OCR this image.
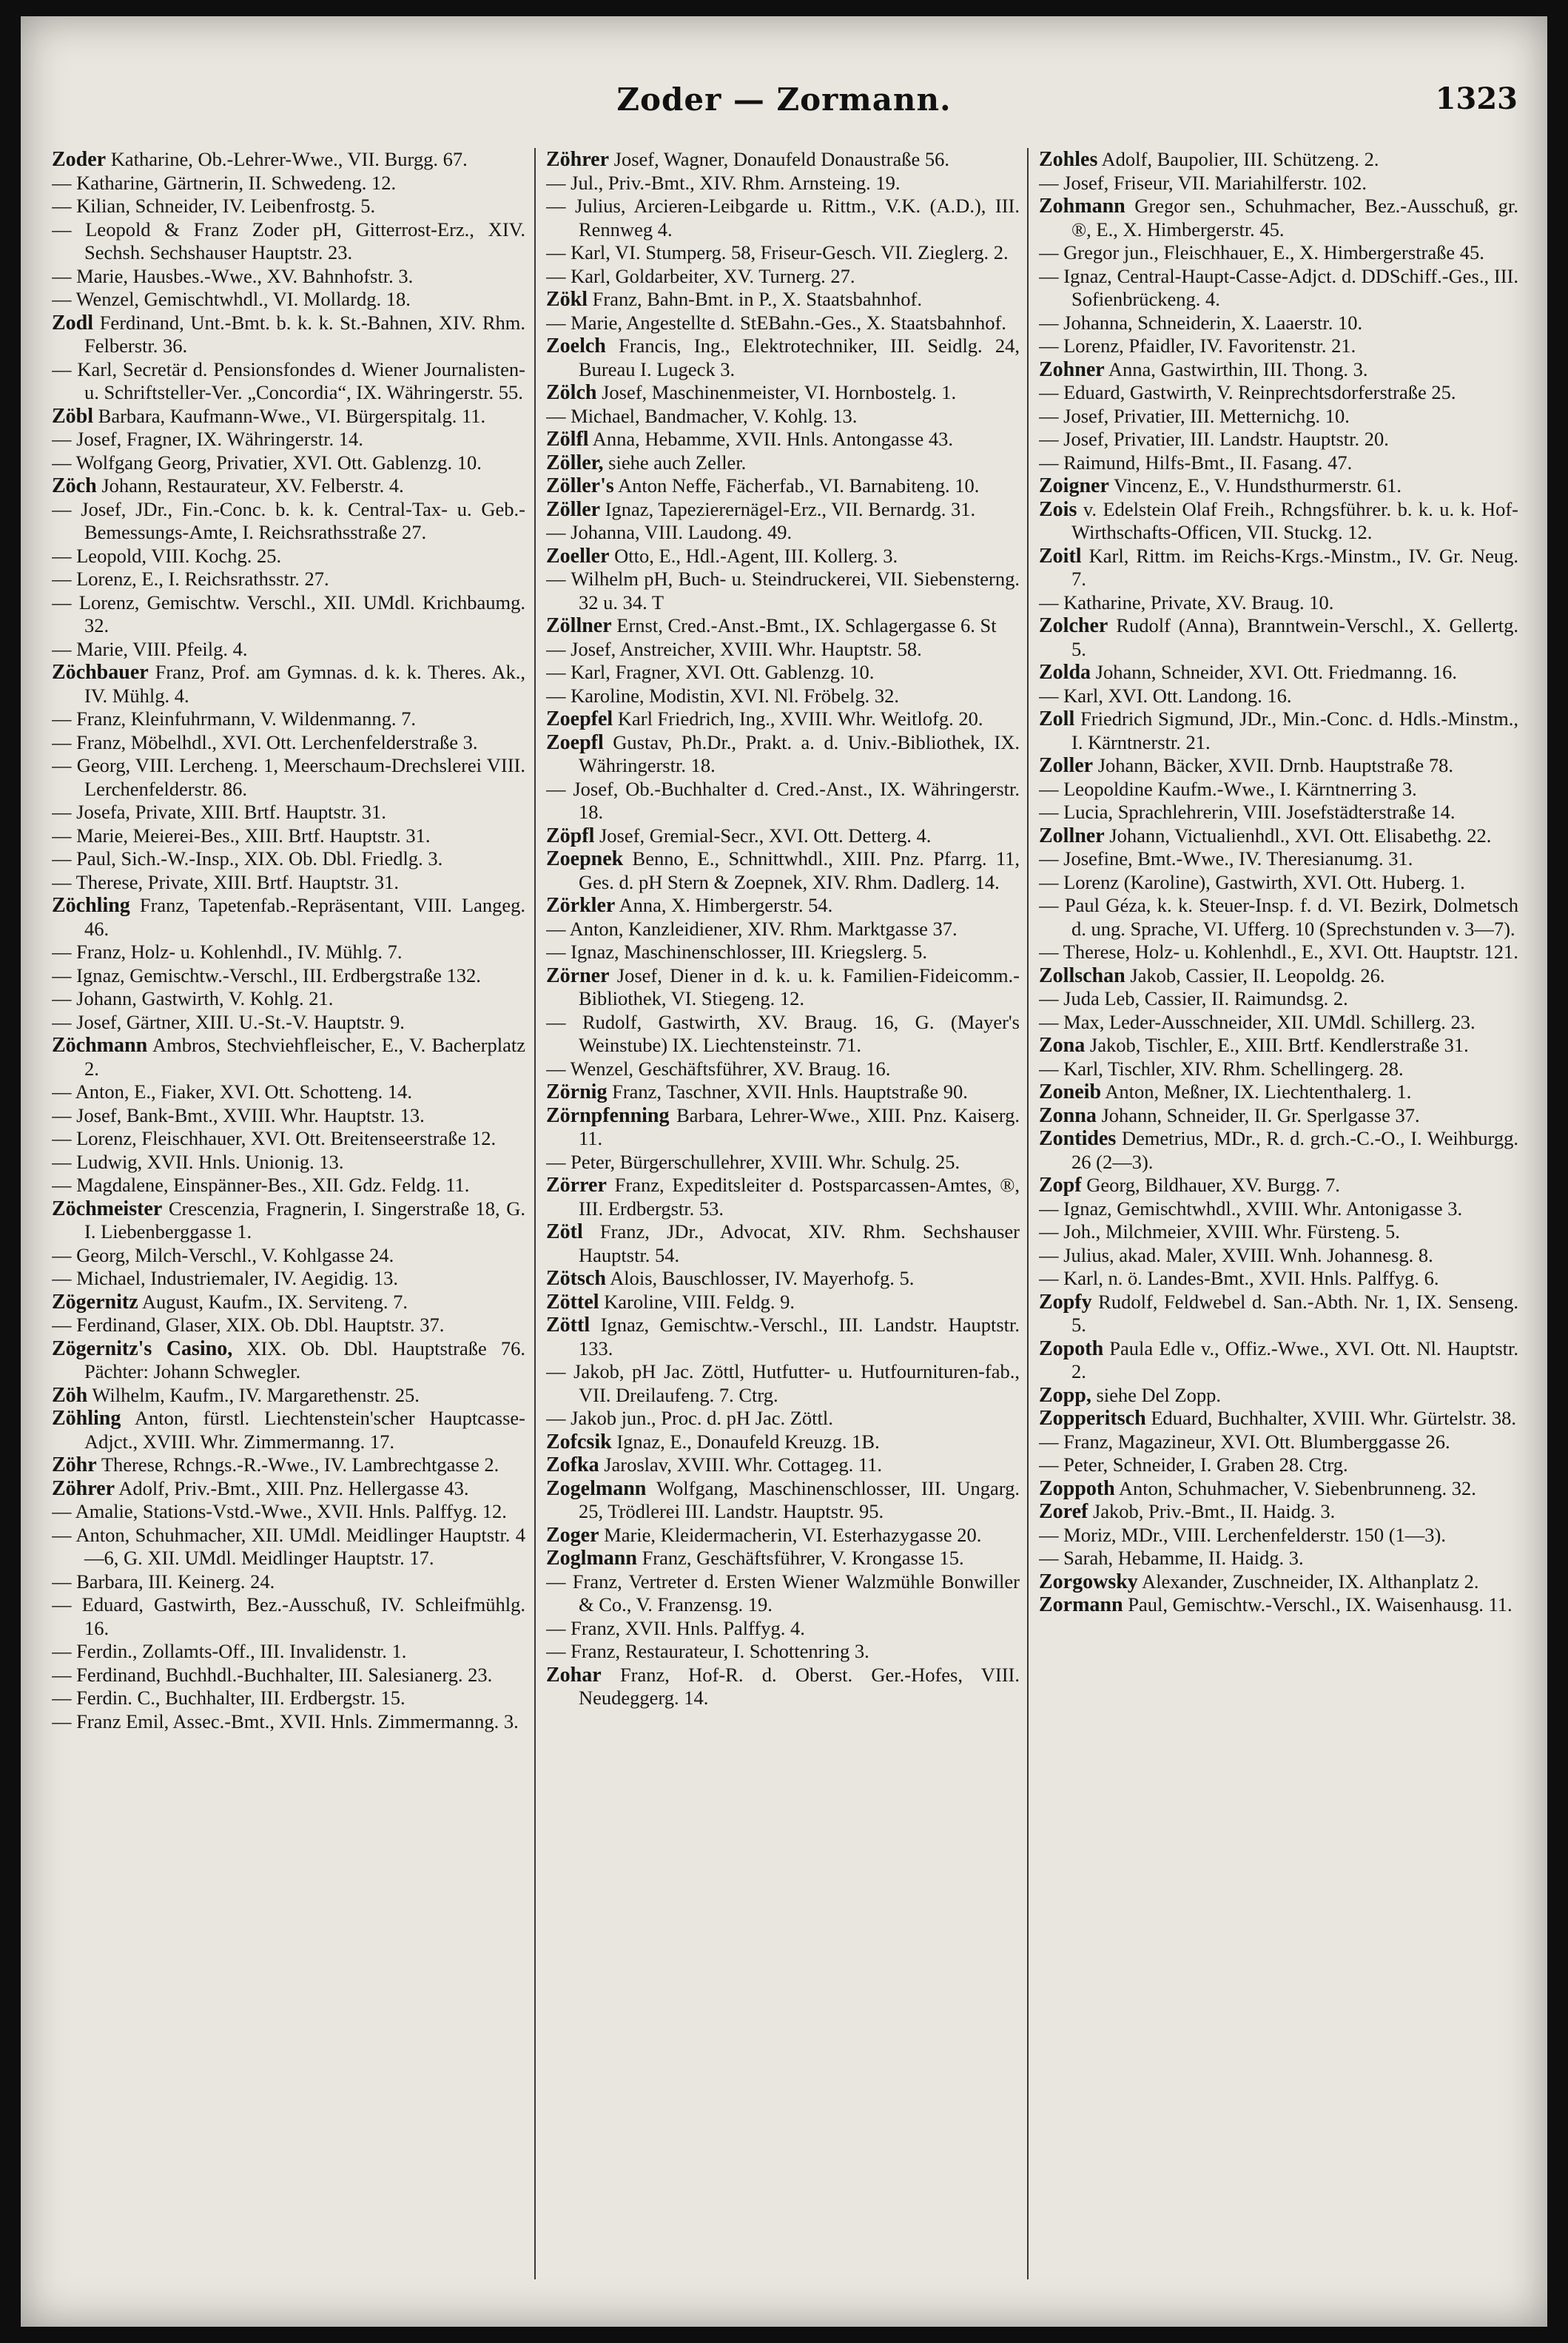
Zoder — Zormann.	1323

Zoder Katharine, Ob.-Lehrer-Wwe., VII. Burgg. 67.

— Katharine, Gärtnerin, II. Schwedeng. 12.

— Kilian, Schneider, IV. Leibenfrostg. 5.

— Leopold & Franz Zoder pH, Gitterrost-Erz., XIV. Sechsh. Sechshauser Hauptstr. 23.

— Marie, Hausbes.-Wwe., XV. Bahnhofstr. 3.

— Wenzel, Gemischtwhdl., VI. Mollardg. 18.

Zodl Ferdinand, Unt.-Bmt. b. k. k. St.-Bahnen, XIV. Rhm. Felberstr. 36.

— Karl, Secretär d. Pensionsfondes d. Wiener Journalisten- u. Schriftsteller-Ver. „Concordia“, IX. Währingerstr. 55.

Zöbl Barbara, Kaufmann-Wwe., VI. Bürgerspitalg. 11.

— Josef, Fragner, IX. Währingerstr. 14.

— Wolfgang Georg, Privatier, XVI. Ott. Gablenzg. 10.

Zöch Johann, Restaurateur, XV. Felberstr. 4.

— Josef, JDr., Fin.-Conc. b. k. k. Central-Tax- u. Geb.-Bemessungs-Amte, I. Reichsrathsstraße 27.

— Leopold, VIII. Kochg. 25.

— Lorenz, E., I. Reichsrathsstr. 27.

— Lorenz, Gemischtw. Verschl., XII. UMdl. Krichbaumg. 32.

— Marie, VIII. Pfeilg. 4.

Zöchbauer Franz, Prof. am Gymnas. d. k. k. Theres. Ak., IV. Mühlg. 4.

— Franz, Kleinfuhrmann, V. Wildenmanng. 7.

— Franz, Möbelhdl., XVI. Ott. Lerchenfelderstraße 3.

— Georg, VIII. Lercheng. 1, Meerschaum-Drechslerei VIII. Lerchenfelderstr. 86.

— Josefa, Private, XIII. Brtf. Hauptstr. 31.

— Marie, Meierei-Bes., XIII. Brtf. Hauptstr. 31.

— Paul, Sich.-W.-Insp., XIX. Ob. Dbl. Friedlg. 3.

— Therese, Private, XIII. Brtf. Hauptstr. 31.

Zöchling Franz, Tapetenfab.-Repräsentant, VIII. Langeg. 46.

— Franz, Holz- u. Kohlenhdl., IV. Mühlg. 7.

— Ignaz, Gemischtw.-Verschl., III. Erdbergstraße 132.

— Johann, Gastwirth, V. Kohlg. 21.

— Josef, Gärtner, XIII. U.-St.-V. Hauptstr. 9.

Zöchmann Ambros, Stechviehfleischer, E., V. Bacherplatz 2.

— Anton, E., Fiaker, XVI. Ott. Schotteng. 14.

— Josef, Bank-Bmt., XVIII. Whr. Hauptstr. 13.

— Lorenz, Fleischhauer, XVI. Ott. Breitenseerstraße 12.

— Ludwig, XVII. Hnls. Unionig. 13.

— Magdalene, Einspänner-Bes., XII. Gdz. Feldg. 11.

Zöchmeister Crescenzia, Fragnerin, I. Singerstraße 18, G. I. Liebenberggasse 1.

— Georg, Milch-Verschl., V. Kohlgasse 24.

— Michael, Industriemaler, IV. Aegidig. 13.

Zögernitz August, Kaufm., IX. Serviteng. 7.

— Ferdinand, Glaser, XIX. Ob. Dbl. Hauptstr. 37.

Zögernitz's Casino, XIX. Ob. Dbl. Hauptstraße 76. Pächter: Johann Schwegler.

Zöh Wilhelm, Kaufm., IV. Margarethenstr. 25.

Zöhling Anton, fürstl. Liechtenstein'scher Hauptcasse-Adjct., XVIII. Whr. Zimmermanng. 17.

Zöhr Therese, Rchngs.-R.-Wwe., IV. Lambrechtgasse 2.

Zöhrer Adolf, Priv.-Bmt., XIII. Pnz. Hellergasse 43.

— Amalie, Stations-Vstd.-Wwe., XVII. Hnls. Palffyg. 12.

— Anton, Schuhmacher, XII. UMdl. Meidlinger Hauptstr. 4—6, G. XII. UMdl. Meidlinger Hauptstr. 17.

— Barbara, III. Keinerg. 24.

— Eduard, Gastwirth, Bez.-Ausschuß, IV. Schleifmühlg. 16.

— Ferdin., Zollamts-Off., III. Invalidenstr. 1.

— Ferdinand, Buchhdl.-Buchhalter, III. Salesianerg. 23.

— Ferdin. C., Buchhalter, III. Erdbergstr. 15.

— Franz Emil, Assec.-Bmt., XVII. Hnls. Zimmermanng. 3.

Zöhrer Josef, Wagner, Donaufeld Donaustraße 56.

— Jul., Priv.-Bmt., XIV. Rhm. Arnsteing. 19.

— Julius, Arcieren-Leibgarde u. Rittm., V.K. (A.D.), III. Rennweg 4.

— Karl, VI. Stumperg. 58, Friseur-Gesch. VII. Zieglerg. 2.

— Karl, Goldarbeiter, XV. Turnerg. 27.

Zökl Franz, Bahn-Bmt. in P., X. Staatsbahnhof.

— Marie, Angestellte d. StEBahn.-Ges., X. Staatsbahnhof.

Zoelch Francis, Ing., Elektrotechniker, III. Seidlg. 24, Bureau I. Lugeck 3.

Zölch Josef, Maschinenmeister, VI. Hornbostelg. 1.

— Michael, Bandmacher, V. Kohlg. 13.

Zölfl Anna, Hebamme, XVII. Hnls. Antongasse 43.

Zöller, siehe auch Zeller.

Zöller's Anton Neffe, Fächerfab., VI. Barnabiteng. 10.

Zöller Ignaz, Tapezierernägel-Erz., VII. Bernardg. 31.

— Johanna, VIII. Laudong. 49.

Zoeller Otto, E., Hdl.-Agent, III. Kollerg. 3.

— Wilhelm pH, Buch- u. Steindruckerei, VII. Siebensterng. 32 u. 34. T

Zöllner Ernst, Cred.-Anst.-Bmt., IX. Schlagergasse 6. St

— Josef, Anstreicher, XVIII. Whr. Hauptstr. 58.

— Karl, Fragner, XVI. Ott. Gablenzg. 10.

— Karoline, Modistin, XVI. Nl. Fröbelg. 32.

Zoepfel Karl Friedrich, Ing., XVIII. Whr. Weitlofg. 20.

Zoepfl Gustav, Ph.Dr., Prakt. a. d. Univ.-Bibliothek, IX. Währingerstr. 18.

— Josef, Ob.-Buchhalter d. Cred.-Anst., IX. Währingerstr. 18.

Zöpfl Josef, Gremial-Secr., XVI. Ott. Detterg. 4.

Zoepnek Benno, E., Schnittwhdl., XIII. Pnz. Pfarrg. 11, Ges. d. pH Stern & Zoepnek, XIV. Rhm. Dadlerg. 14.

Zörkler Anna, X. Himbergerstr. 54.

— Anton, Kanzleidiener, XIV. Rhm. Marktgasse 37.

— Ignaz, Maschinenschlosser, III. Kriegslerg. 5.

Zörner Josef, Diener in d. k. u. k. Familien-Fideicomm.-Bibliothek, VI. Stiegeng. 12.

— Rudolf, Gastwirth, XV. Braug. 16, G. (Mayer's Weinstube) IX. Liechtensteinstr. 71.

— Wenzel, Geschäftsführer, XV. Braug. 16.

Zörnig Franz, Taschner, XVII. Hnls. Hauptstraße 90.

Zörnpfenning Barbara, Lehrer-Wwe., XIII. Pnz. Kaiserg. 11.

— Peter, Bürgerschullehrer, XVIII. Whr. Schulg. 25.

Zörrer Franz, Expeditsleiter d. Postsparcassen-Amtes, ®, III. Erdbergstr. 53.

Zötl Franz, JDr., Advocat, XIV. Rhm. Sechshauser Hauptstr. 54.

Zötsch Alois, Bauschlosser, IV. Mayerhofg. 5.

Zöttel Karoline, VIII. Feldg. 9.

Zöttl Ignaz, Gemischtw.-Verschl., III. Landstr. Hauptstr. 133.

— Jakob, pH Jac. Zöttl, Hutfutter- u. Hutfournituren-fab., VII. Dreilaufeng. 7. Ctrg.

— Jakob jun., Proc. d. pH Jac. Zöttl.

Zofcsik Ignaz, E., Donaufeld Kreuzg. 1B.

Zofka Jaroslav, XVIII. Whr. Cottageg. 11.

Zogelmann Wolfgang, Maschinenschlosser, III. Ungarg. 25, Trödlerei III. Landstr. Hauptstr. 95.

Zoger Marie, Kleidermacherin, VI. Esterhazygasse 20.

Zoglmann Franz, Geschäftsführer, V. Krongasse 15.

— Franz, Vertreter d. Ersten Wiener Walzmühle Bonwiller & Co., V. Franzensg. 19.

— Franz, XVII. Hnls. Palffyg. 4.

— Franz, Restaurateur, I. Schottenring 3.

Zohar Franz, Hof-R. d. Oberst. Ger.-Hofes, VIII. Neudeggerg. 14.

Zohles Adolf, Baupolier, III. Schützeng. 2.

— Josef, Friseur, VII. Mariahilferstr. 102.

Zohmann Gregor sen., Schuhmacher, Bez.-Ausschuß, gr. ®, E., X. Himbergerstr. 45.

— Gregor jun., Fleischhauer, E., X. Himbergerstraße 45.

— Ignaz, Central-Haupt-Casse-Adjct. d. DDSchiff.-Ges., III. Sofienbrückeng. 4.

— Johanna, Schneiderin, X. Laaerstr. 10.

— Lorenz, Pfaidler, IV. Favoritenstr. 21.

Zohner Anna, Gastwirthin, III. Thong. 3.

— Eduard, Gastwirth, V. Reinprechtsdorferstraße 25.

— Josef, Privatier, III. Metternichg. 10.

— Josef, Privatier, III. Landstr. Hauptstr. 20.

— Raimund, Hilfs-Bmt., II. Fasang. 47.

Zoigner Vincenz, E., V. Hundsthurmerstr. 61.

Zois v. Edelstein Olaf Freih., Rchngsführer. b. k. u. k. Hof-Wirthschafts-Officen, VII. Stuckg. 12.

Zoitl Karl, Rittm. im Reichs-Krgs.-Minstm., IV. Gr. Neug. 7.

— Katharine, Private, XV. Braug. 10.

Zolcher Rudolf (Anna), Branntwein-Verschl., X. Gellertg. 5.

Zolda Johann, Schneider, XVI. Ott. Friedmanng. 16.

— Karl, XVI. Ott. Landong. 16.

Zoll Friedrich Sigmund, JDr., Min.-Conc. d. Hdls.-Minstm., I. Kärntnerstr. 21.

Zoller Johann, Bäcker, XVII. Drnb. Hauptstraße 78.

— Leopoldine Kaufm.-Wwe., I. Kärntnerring 3.

— Lucia, Sprachlehrerin, VIII. Josefstädterstraße 14.

Zollner Johann, Victualienhdl., XVI. Ott. Elisabethg. 22.

— Josefine, Bmt.-Wwe., IV. Theresianumg. 31.

— Lorenz (Karoline), Gastwirth, XVI. Ott. Huberg. 1.

— Paul Géza, k. k. Steuer-Insp. f. d. VI. Bezirk, Dolmetsch d. ung. Sprache, VI. Ufferg. 10 (Sprechstunden v. 3—7).

— Therese, Holz- u. Kohlenhdl., E., XVI. Ott. Hauptstr. 121.

Zollschan Jakob, Cassier, II. Leopoldg. 26.

— Juda Leb, Cassier, II. Raimundsg. 2.

— Max, Leder-Ausschneider, XII. UMdl. Schillerg. 23.

Zona Jakob, Tischler, E., XIII. Brtf. Kendlerstraße 31.

— Karl, Tischler, XIV. Rhm. Schellingerg. 28.

Zoneib Anton, Meßner, IX. Liechtenthalerg. 1.

Zonna Johann, Schneider, II. Gr. Sperlgasse 37.

Zontides Demetrius, MDr., R. d. grch.-C.-O., I. Weihburgg. 26 (2—3).

Zopf Georg, Bildhauer, XV. Burgg. 7.

— Ignaz, Gemischtwhdl., XVIII. Whr. Antonigasse 3.

— Joh., Milchmeier, XVIII. Whr. Fürsteng. 5.

— Julius, akad. Maler, XVIII. Wnh. Johannesg. 8.

— Karl, n. ö. Landes-Bmt., XVII. Hnls. Palffyg. 6.

Zopfy Rudolf, Feldwebel d. San.-Abth. Nr. 1, IX. Senseng. 5.

Zopoth Paula Edle v., Offiz.-Wwe., XVI. Ott. Nl. Hauptstr. 2.

Zopp, siehe Del Zopp.

Zopperitsch Eduard, Buchhalter, XVIII. Whr. Gürtelstr. 38.

— Franz, Magazineur, XVI. Ott. Blumberggasse 26.

— Peter, Schneider, I. Graben 28. Ctrg.

Zoppoth Anton, Schuhmacher, V. Siebenbrunneng. 32.

Zoref Jakob, Priv.-Bmt., II. Haidg. 3.

— Moriz, MDr., VIII. Lerchenfelderstr. 150 (1—3).

— Sarah, Hebamme, II. Haidg. 3.

Zorgowsky Alexander, Zuschneider, IX. Althanplatz 2.

Zormann Paul, Gemischtw.-Verschl., IX. Waisenhausg. 11.
